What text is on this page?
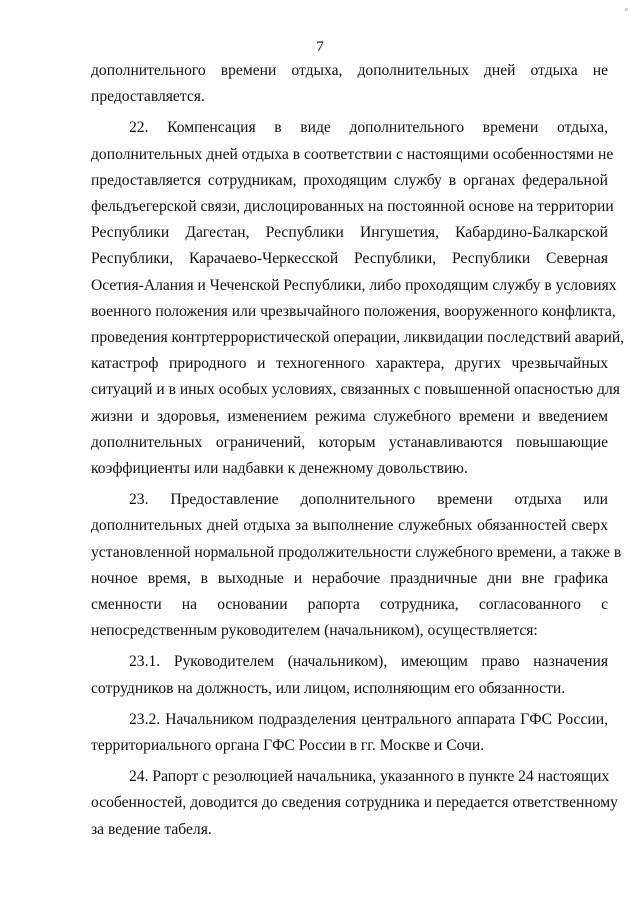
7

дополнительного времени отдыха, дополнительных дней отдыха не
предоставляется.

22. Компенсация в виде дополнительного времени отдыха,
дополнительных дней отдыха в соответствии с настоящими особенностями не
предоставляется сотрудникам, проходящим службу в органах федеральной
фельдъегерской связи, дислоцированных на постоянной основе на территории
Республики Дагестан, Республики Ингушетия, Кабардино-Балкарской
Республики, Карачаево-Черкесской Республики, Республики Северная
Осетия-Алания и Чеченской Республики, либо проходящим службу в условиях
военного положения или чрезвычайного положения, вооруженного конфликта,
проведения контртеррористической операции, ликвидации последствий аварий,
катастроф природного и техногенного характера, других чрезвычайных
ситуаций и в иных особых условиях, связанных с повышенной опасностью для
жизни и здоровья, изменением режима служебного времени и введением
дополнительных ограничений, которым устанавливаются повышающие
коэффициенты или надбавки к денежному довольствию.

23. Предоставление дополнительного времени отдыха или
дополнительных дней отдыха за выполнение служебных обязанностей сверх
установленной нормальной продолжительности служебного времени, а также в
ночное время, в выходные и нерабочие праздничные дни вне графика
сменности на основании рапорта сотрудника, согласованного с
непосредственным руководителем (начальником), осуществляется:

23.1. Руководителем (начальником), имеющим право назначения
сотрудников на должность, или лицом, исполняющим его обязанности.

23.2. Начальником подразделения центрального аппарата ГФС России,
территориального органа ГФС России в гг. Москве и Сочи.

24. Рапорт с резолюцией начальника, указанного в пункте 24 настоящих
особенностей, доводится до сведения сотрудника и передается ответственному
за ведение табеля.
